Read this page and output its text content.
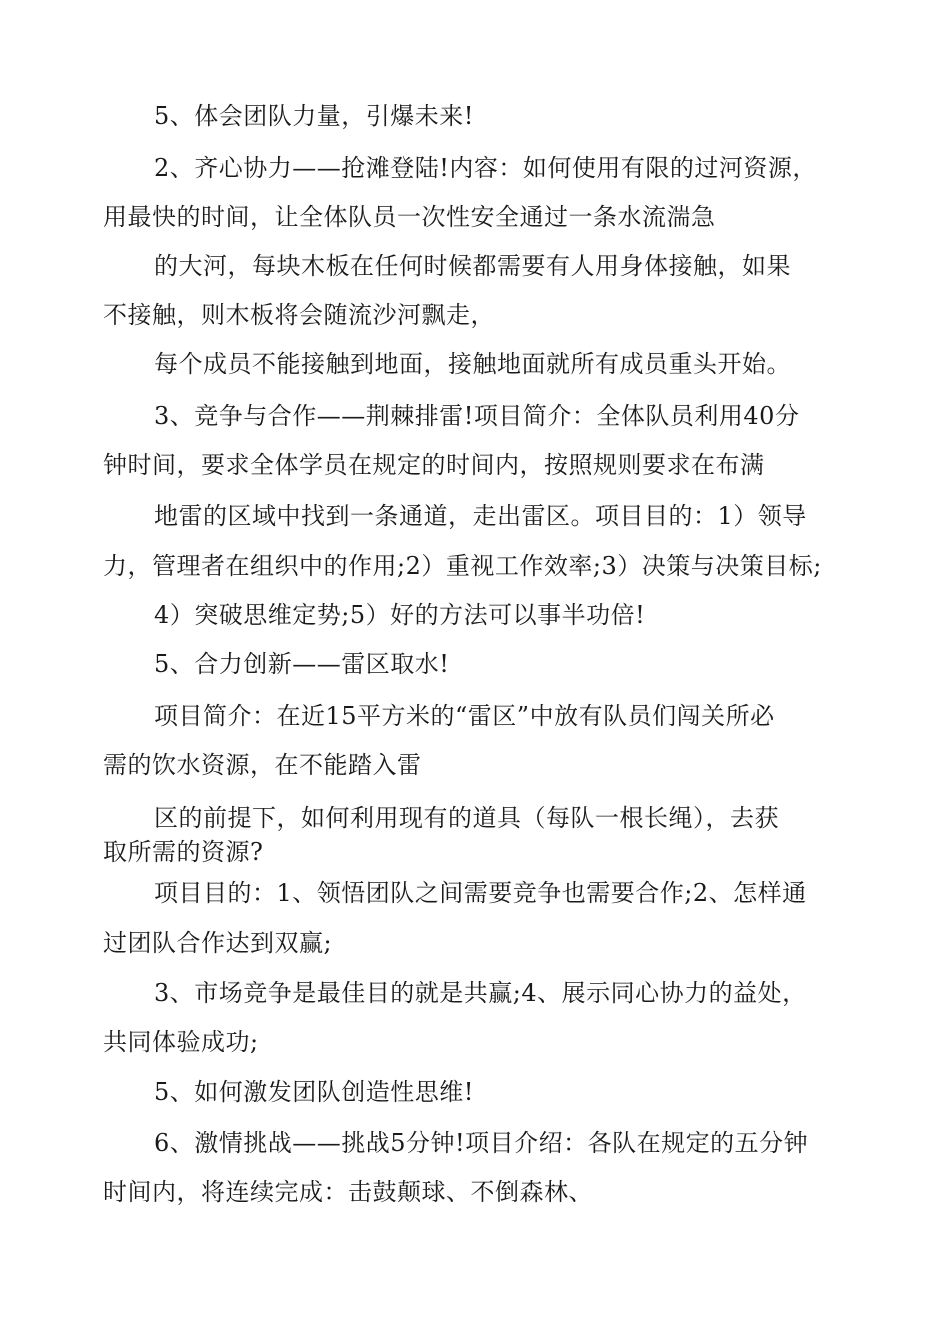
5、体会团队力量，引爆未来!
2、齐心协力——抢滩登陆!内容：如何使用有限的过河资源，
用最快的时间，让全体队员一次性安全通过一条水流湍急
的大河，每块木板在任何时候都需要有人用身体接触，如果
不接触，则木板将会随流沙河飘走，
每个成员不能接触到地面，接触地面就所有成员重头开始。
3、竞争与合作——荆棘排雷!项目简介：全体队员利用40分
钟时间，要求全体学员在规定的时间内，按照规则要求在布满
地雷的区域中找到一条通道，走出雷区。项目目的：1）领导
力，管理者在组织中的作用;2）重视工作效率;3）决策与决策目标;
4）突破思维定势;5）好的方法可以事半功倍!
5、合力创新——雷区取水!
项目简介：在近15平方米的“雷区”中放有队员们闯关所必
需的饮水资源，在不能踏入雷
区的前提下，如何利用现有的道具（每队一根长绳），去获
取所需的资源?
项目目的：1、领悟团队之间需要竞争也需要合作;2、怎样通
过团队合作达到双赢;
3、市场竞争是最佳目的就是共赢;4、展示同心协力的益处，
共同体验成功;
5、如何激发团队创造性思维!
6、激情挑战——挑战5分钟!项目介绍：各队在规定的五分钟
时间内，将连续完成：击鼓颠球、不倒森林、
